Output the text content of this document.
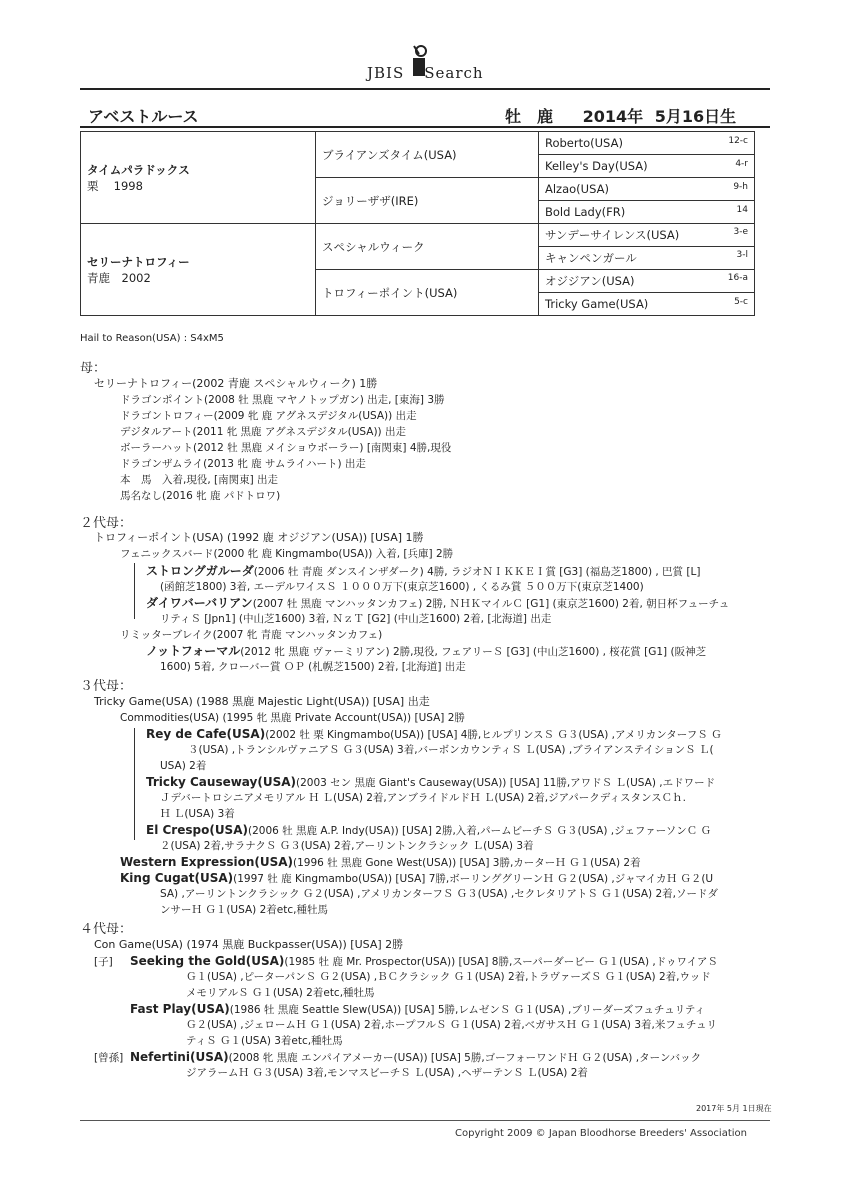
JBIS Search
アベストルース	牡　鹿 2014年 5月16日生
タイムパラドックス
栗　 1998	ブライアンズタイム(USA)	Roberto(USA) 12-c

		Kelley's Day(USA) 4-r

	ジョリーザザ(IRE)	Alzao(USA) 9-h

		Bold Lady(FR) 14

セリーナトロフィー
青鹿　2002	スペシャルウィーク	サンデーサイレンス(USA) 3-e

		キャンペンガール 3-l

	トロフィーポイント(USA)	オジジアン(USA) 16-a

		Tricky Game(USA) 5-c
Hail to Reason(USA) : S4xM5
母：
セリーナトロフィー(2002 青鹿 スペシャルウィーク) 1勝
ドラゴンポイント(2008 牡 黒鹿 マヤノトップガン) 出走, [東海] 3勝
ドラゴントロフィー(2009 牝 鹿 アグネスデジタル(USA)) 出走
デジタルアート(2011 牝 黒鹿 アグネスデジタル(USA)) 出走
ボーラーハット(2012 牡 黒鹿 メイショウボーラー) [南関東] 4勝,現役
ドラゴンザムライ(2013 牝 鹿 サムライハート) 出走
本　馬　入着,現役, [南関東] 出走
馬名なし(2016 牝 鹿 パドトロワ)
２代母：
トロフィーポイント(USA) (1992 鹿 オジジアン(USA)) [USA] 1勝
フェニックスバード(2000 牝 鹿 Kingmambo(USA)) 入着, [兵庫] 2勝
ストロングガルーダ(2006 牡 青鹿 ダンスインザダーク) 4勝, ラジオＮＩＫＫＥＩ賞 [G3] (福島芝1800) , 巴賞 [L]
(函館芝1800) 3着, エーデルワイスＳ １０００万下(東京芝1600) , くるみ賞 ５００万下(東京芝1400)
ダイワバーバリアン(2007 牡 黒鹿 マンハッタンカフェ) 2勝, ＮＨＫマイルＣ [G1] (東京芝1600) 2着, 朝日杯フューチュ
リティＳ [Jpn1] (中山芝1600) 3着, ＮｚＴ [G2] (中山芝1600) 2着, [北海道] 出走
リミッターブレイク(2007 牝 青鹿 マンハッタンカフェ)
ノットフォーマル(2012 牝 黒鹿 ヴァーミリアン) 2勝,現役, フェアリーＳ [G3] (中山芝1600) , 桜花賞 [G1] (阪神芝
1600) 5着, クローバー賞 ＯＰ (札幌芝1500) 2着, [北海道] 出走
３代母：
Tricky Game(USA) (1988 黒鹿 Majestic Light(USA)) [USA] 出走
Commodities(USA) (1995 牝 黒鹿 Private Account(USA)) [USA] 2勝
Rey de Cafe(USA)(2002 牡 栗 Kingmambo(USA)) [USA] 4勝,ヒルプリンスＳ Ｇ３(USA) ,アメリカンターフＳ Ｇ
３(USA) ,トランシルヴァニアＳ Ｇ３(USA) 3着,バーボンカウンティＳ Ｌ(USA) ,ブライアンステイションＳ Ｌ(
USA) 2着
Tricky Causeway(USA)(2003 セン 黒鹿 Giant's Causeway(USA)) [USA] 11勝,アワドＳ Ｌ(USA) ,エドワード
Ｊデバートロシニアメモリアル Ｈ Ｌ(USA) 2着,アンブライドルドＨ Ｌ(USA) 2着,ジアパークディスタンスＣｈ.
Ｈ Ｌ(USA) 3着
El Crespo(USA)(2006 牡 黒鹿 A.P. Indy(USA)) [USA] 2勝,入着,パームビーチＳ Ｇ３(USA) ,ジェファーソンＣ Ｇ
２(USA) 2着,サラナクＳ Ｇ３(USA) 2着,アーリントンクラシック Ｌ(USA) 3着
Western Expression(USA)(1996 牡 黒鹿 Gone West(USA)) [USA] 3勝,カーターＨ Ｇ１(USA) 2着
King Cugat(USA)(1997 牡 鹿 Kingmambo(USA)) [USA] 7勝,ボーリンググリーンＨ Ｇ２(USA) ,ジャマイカＨ Ｇ２(U
SA) ,アーリントンクラシック Ｇ２(USA) ,アメリカンターフＳ Ｇ３(USA) ,セクレタリアトＳ Ｇ１(USA) 2着,ソードダ
ンサーＨ Ｇ１(USA) 2着etc,種牡馬
４代母：
Con Game(USA) (1974 黒鹿 Buckpasser(USA)) [USA] 2勝
[子] Seeking the Gold(USA)(1985 牡 鹿 Mr. Prospector(USA)) [USA] 8勝,スーパーダービー Ｇ１(USA) ,ドゥワイアＳ
Ｇ１(USA) ,ピーターパンＳ Ｇ２(USA) ,ＢＣクラシック Ｇ１(USA) 2着,トラヴァーズＳ Ｇ１(USA) 2着,ウッド
メモリアルＳ Ｇ１(USA) 2着etc,種牡馬
Fast Play(USA)(1986 牡 黒鹿 Seattle Slew(USA)) [USA] 5勝,レムゼンＳ Ｇ１(USA) ,ブリーダーズフュチュリティ
Ｇ２(USA) ,ジェロームＨ Ｇ１(USA) 2着,ホープフルＳ Ｇ１(USA) 2着,ベガサスＨ Ｇ１(USA) 3着,米フュチュリ
ティＳ Ｇ１(USA) 3着etc,種牡馬
[曾孫] Nefertini(USA)(2008 牝 黒鹿 エンパイアメーカー(USA)) [USA] 5勝,ゴーフォーワンドＨ Ｇ２(USA) ,ターンバック
ジアラームＨ Ｇ３(USA) 3着,モンマスビーチＳ Ｌ(USA) ,ヘザーテンＳ Ｌ(USA) 2着
2017年 5月 1日現在
Copyright 2009 © Japan Bloodhorse Breeders' Association
